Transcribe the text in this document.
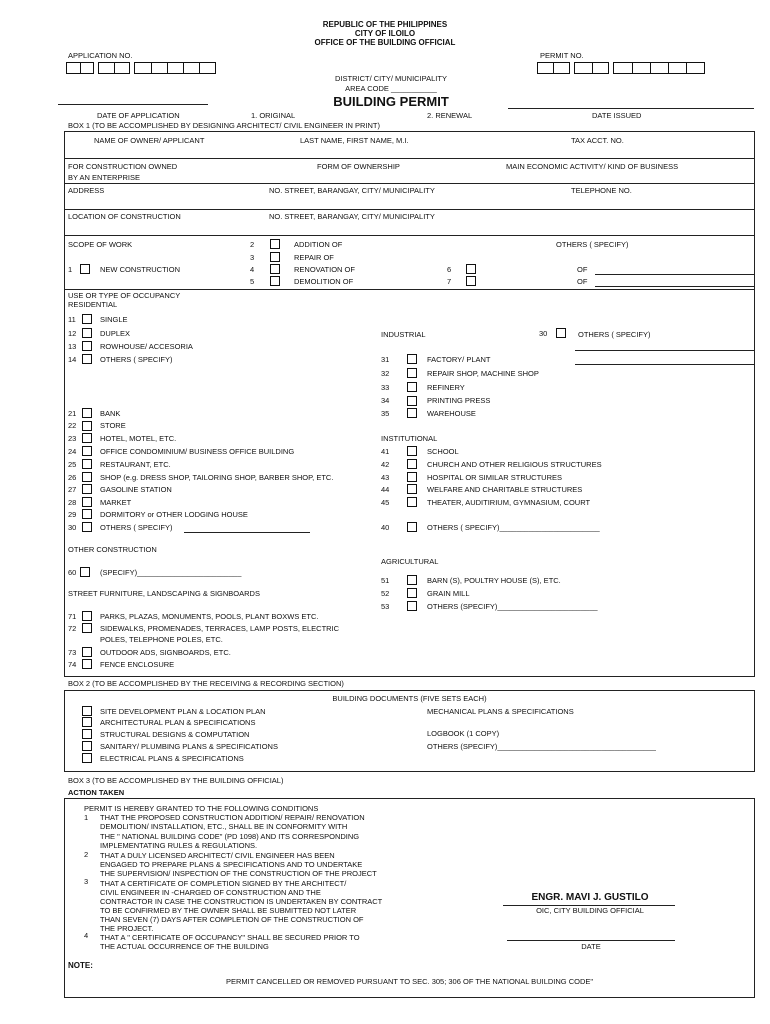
REPUBLIC OF THE PHILIPPINES
CITY OF ILOILO
OFFICE OF THE BUILDING OFFICIAL
APPLICATION NO.	PERMIT NO.
DISTRICT/ CITY/ MUNICIPALITY
AREA CODE ___________
BUILDING PERMIT
DATE OF APPLICATION	1. ORIGINAL	2. RENEWAL	DATE ISSUED
BOX 1 (TO BE ACCOMPLISHED BY DESIGNING ARCHITECT/ CIVIL ENGINEER IN PRINT)
NAME OF OWNER/ APPLICANT	LAST NAME, FIRST NAME, M.I.	TAX ACCT. NO.
FOR CONSTRUCTION OWNED
BY AN ENTERPRISE
FORM OF OWNERSHIP	MAIN ECONOMIC ACTIVITY/ KIND OF BUSINESS
ADDRESS	NO. STREET, BARANGAY, CITY/ MUNICIPALITY	TELEPHONE NO.
LOCATION OF CONSTRUCTION	NO. STREET, BARANGAY, CITY/ MUNICIPALITY
SCOPE OF WORK
1	NEW CONSTRUCTION
2	ADDITION OF
3	REPAIR OF
4	RENOVATION OF
5	DEMOLITION OF
OTHERS ( SPECIFY)
6	OF
7	OF
USE OR TYPE OF OCCUPANCY
RESIDENTIAL
11	SINGLE
12	DUPLEX
13	ROWHOUSE/ ACCESORIA
14	OTHERS ( SPECIFY)
INDUSTRIAL	30	OTHERS ( SPECIFY)
31	FACTORY/ PLANT
32	REPAIR SHOP, MACHINE SHOP
33	REFINERY
34	PRINTING PRESS
35	WAREHOUSE
21	BANK
22	STORE
23	HOTEL, MOTEL, ETC.
24	OFFICE CONDOMINIUM/ BUSINESS OFFICE BUILDING
25	RESTAURANT, ETC.
26	SHOP (e.g. DRESS SHOP, TAILORING SHOP, BARBER SHOP, ETC.
27	GASOLINE STATION
28	MARKET
29	DORMITORY or OTHER LODGING HOUSE
30	OTHERS ( SPECIFY)
INSTITUTIONAL
41	SCHOOL
42	CHURCH AND OTHER RELIGIOUS STRUCTURES
43	HOSPITAL OR SIMILAR STRUCTURES
44	WELFARE AND CHARITABLE STRUCTURES
45	THEATER, AUDITIRIUM, GYMNASIUM, COURT
40	OTHERS ( SPECIFY)________________________
OTHER CONSTRUCTION
60	(SPECIFY)_________________________
AGRICULTURAL
51	BARN (S), POULTRY HOUSE (S), ETC.
52	GRAIN MILL
53	OTHERS (SPECIFY)________________________
STREET FURNITURE, LANDSCAPING & SIGNBOARDS
71	PARKS, PLAZAS, MONUMENTS, POOLS, PLANT BOXWS ETC.
72	SIDEWALKS, PROMENADES, TERRACES, LAMP POSTS, ELECTRIC
POLES, TELEPHONE POLES, ETC.
73	OUTDOOR ADS, SIGNBOARDS, ETC.
74	FENCE ENCLOSURE
BOX 2 (TO BE ACCOMPLISHED BY THE RECEIVING & RECORDING SECTION)
BUILDING DOCUMENTS (FIVE SETS EACH)
SITE DEVELOPMENT PLAN & LOCATION PLAN
ARCHITECTURAL PLAN & SPECIFICATIONS
STRUCTURAL DESIGNS & COMPUTATION
SANITARY/ PLUMBING PLANS & SPECIFICATIONS
ELECTRICAL PLANS & SPECIFICATIONS
MECHANICAL PLANS & SPECIFICATIONS
LOGBOOK (1 COPY)
OTHERS (SPECIFY)______________________________________
BOX 3 (TO BE ACCOMPLISHED BY THE BUILDING OFFICIAL)
ACTION TAKEN
PERMIT IS HEREBY GRANTED TO THE FOLLOWING CONDITIONS
1 THAT THE PROPOSED CONSTRUCTION ADDITION/ REPAIR/ RENOVATION
DEMOLITION/ INSTALLATION, ETC., SHALL BE IN CONFORMITY WITH
THE " NATIONAL BUILDING CODE" (PD 1098) AND ITS CORRESPONDING
IMPLEMENTATING RULES & REGULATIONS.
2 THAT A DULY LICENSED ARCHITECT/ CIVIL ENGINEER HAS BEEN
ENGAGED TO PREPARE PLANS & SPECIFICATIONS AND TO UNDERTAKE
THE SUPERVISION/ INSPECTION OF THE CONSTRUCTION OF THE PROJECT
3 THAT A CERTIFICATE OF COMPLETION SIGNED BY THE ARCHITECT/
CIVIL ENGINEER IN -CHARGED OF CONSTRUCTION AND THE
CONTRACTOR IN CASE THE CONSTRUCTION IS UNDERTAKEN BY CONTRACT
TO BE CONFIRMED BY THE OWNER SHALL BE SUBMITTED NOT LATER
THAN SEVEN (7) DAYS AFTER COMPLETION OF THE CONSTRUCTION OF
THE PROJECT.
4 THAT A " CERTIFICATE OF OCCUPANCY" SHALL BE SECURED PRIOR TO
THE ACTUAL OCCURRENCE OF THE BUILDING
ENGR. MAVI J. GUSTILO
OIC, CITY BUILDING OFFICIAL
DATE
NOTE:
PERMIT CANCELLED OR REMOVED PURSUANT TO SEC. 305; 306 OF THE NATIONAL BUILDING CODE"
